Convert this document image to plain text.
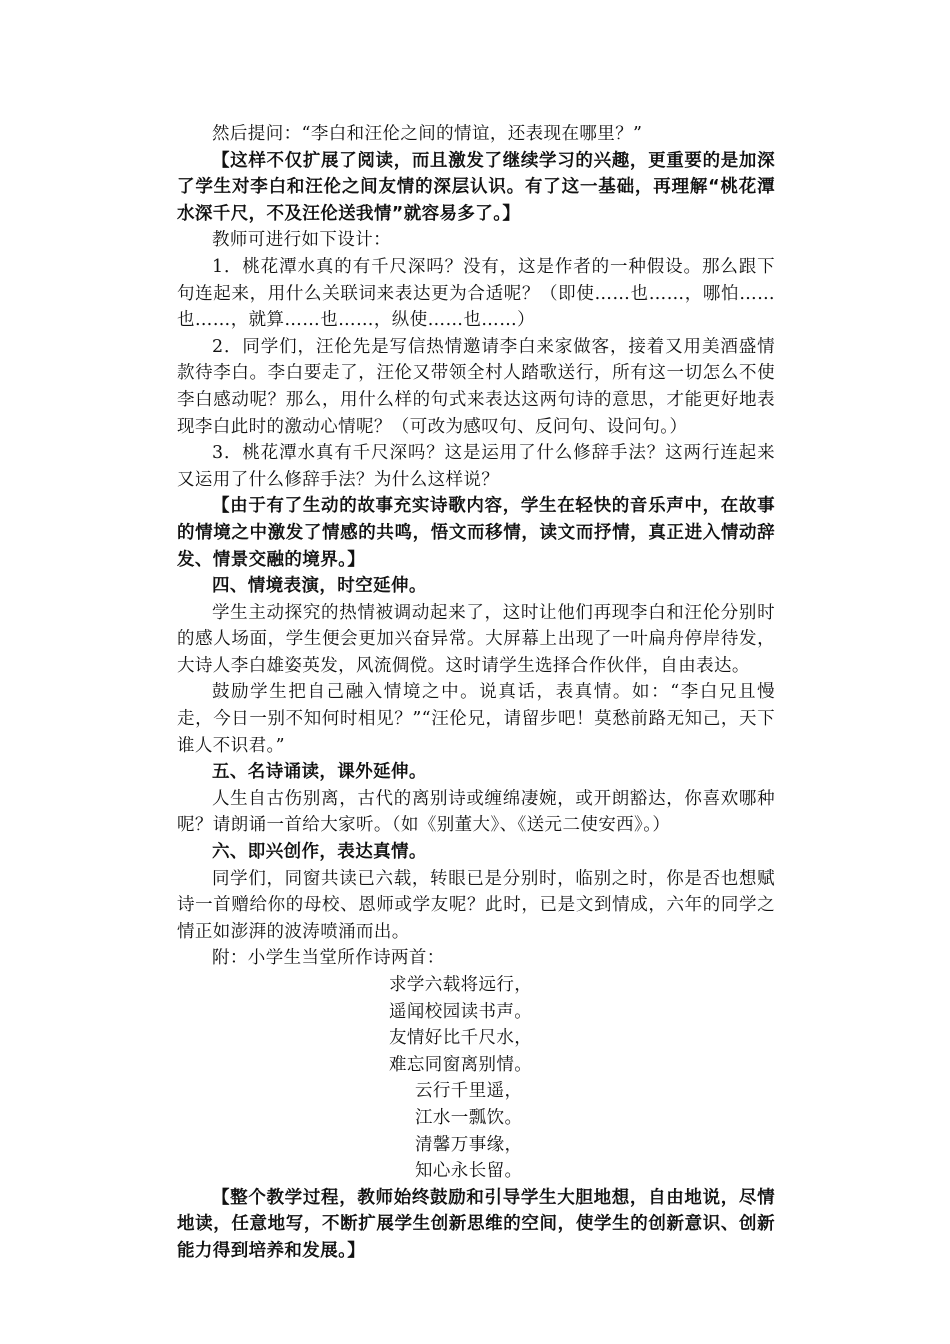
然后提问：“李白和汪伦之间的情谊，还表现在哪里？”

【这样不仅扩展了阅读，而且激发了继续学习的兴趣，更重要的是加深了学生对李白和汪伦之间友情的深层认识。有了这一基础，再理解“桃花潭水深千尺，不及汪伦送我情”就容易多了。】

教师可进行如下设计：

1．桃花潭水真的有千尺深吗？没有，这是作者的一种假设。那么跟下句连起来，用什么关联词来表达更为合适呢？（即使……也……，哪怕……也……，就算……也……，纵使……也……）

2．同学们，汪伦先是写信热情邀请李白来家做客，接着又用美酒盛情款待李白。李白要走了，汪伦又带领全村人踏歌送行，所有这一切怎么不使李白感动呢？那么，用什么样的句式来表达这两句诗的意思，才能更好地表现李白此时的激动心情呢？（可改为感叹句、反问句、设问句。）

3．桃花潭水真有千尺深吗？这是运用了什么修辞手法？这两行连起来又运用了什么修辞手法？为什么这样说？

【由于有了生动的故事充实诗歌内容，学生在轻快的音乐声中，在故事的情境之中激发了情感的共鸣，悟文而移情，读文而抒情，真正进入情动辞发、情景交融的境界。】

四、情境表演，时空延伸。

学生主动探究的热情被调动起来了，这时让他们再现李白和汪伦分别时的感人场面，学生便会更加兴奋异常。大屏幕上出现了一叶扁舟停岸待发，大诗人李白雄姿英发，风流倜傥。这时请学生选择合作伙伴，自由表达。

鼓励学生把自己融入情境之中。说真话，表真情。如：“李白兄且慢走，今日一别不知何时相见？”“汪伦兄，请留步吧！莫愁前路无知己，天下谁人不识君。”

五、名诗诵读，课外延伸。

人生自古伤别离，古代的离别诗或缠绵凄婉，或开朗豁达，你喜欢哪种呢？请朗诵一首给大家听。（如《别董大》、《送元二使安西》。）

六、即兴创作，表达真情。

同学们，同窗共读已六载，转眼已是分别时，临别之时，你是否也想赋诗一首赠给你的母校、恩师或学友呢？此时，已是文到情成，六年的同学之情正如澎湃的波涛喷涌而出。

附：小学生当堂所作诗两首：

求学六载将远行，

遥闻校园读书声。

友情好比千尺水，

难忘同窗离别情。

云行千里遥，

江水一瓢饮。

清馨万事缘，

知心永长留。

【整个教学过程，教师始终鼓励和引导学生大胆地想，自由地说，尽情地读，任意地写，不断扩展学生创新思维的空间，使学生的创新意识、创新能力得到培养和发展。】
